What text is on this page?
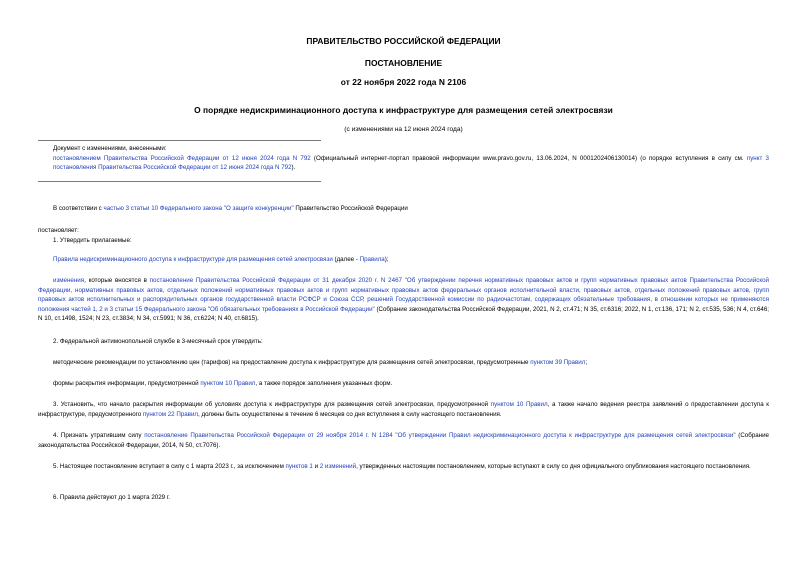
ПРАВИТЕЛЬСТВО РОССИЙСКОЙ ФЕДЕРАЦИИ
ПОСТАНОВЛЕНИЕ
от 22 ноября 2022 года N 2106
О порядке недискриминационного доступа к инфраструктуре для размещения сетей электросвязи
(с изменениями на 12 июня 2024 года)
Документ с изменениями, внесенными:
постановлением Правительства Российской Федерации от 12 июня 2024 года N 792 (Официальный интернет-портал правовой информации www.pravo.gov.ru, 13.06.2024, N 0001202406130014) (о порядке вступления в силу см. пункт 3 постановления Правительства Российской Федерации от 12 июня 2024 года N 792).
В соответствии с частью 3 статьи 10 Федерального закона "О защите конкуренции" Правительство Российской Федерации
постановляет:
1. Утвердить прилагаемые:
Правила недискриминационного доступа к инфраструктуре для размещения сетей электросвязи (далее - Правила);
изменения, которые вносятся в постановление Правительства Российской Федерации от 31 декабря 2020 г. N 2467 "Об утверждении перечня нормативных правовых актов и групп нормативных правовых актов Правительства Российской Федерации, нормативных правовых актов, отдельных положений нормативных правовых актов и групп нормативных правовых актов федеральных органов исполнительной власти, правовых актов, отдельных положений правовых актов, групп правовых актов исполнительных и распорядительных органов государственной власти РСФСР и Союза ССР, решений Государственной комиссии по радиочастотам, содержащих обязательные требования, в отношении которых не применяются положения частей 1, 2 и 3 статьи 15 Федерального закона "Об обязательных требованиях в Российской Федерации" (Собрание законодательства Российской Федерации, 2021, N 2, ст.471; N 35, ст.6316; 2022, N 1, ст.136, 171; N 2, ст.535, 536; N 4, ст.646; N 10, ст.1498, 1524; N 23, ст.3834; N 34, ст.5991; N 36, ст.6224; N 40, ст.6815).
2. Федеральной антимонопольной службе в 3-месячный срок утвердить:
методические рекомендации по установлению цен (тарифов) на предоставление доступа к инфраструктуре для размещения сетей электросвязи, предусмотренные пунктом 39 Правил;
формы раскрытия информации, предусмотренной пунктом 10 Правил, а также порядок заполнения указанных форм.
3. Установить, что начало раскрытия информации об условиях доступа к инфраструктуре для размещения сетей электросвязи, предусмотренной пунктом 10 Правил, а также начало ведения реестра заявлений о предоставлении доступа к инфраструктуре, предусмотренного пунктом 22 Правил, должны быть осуществлены в течение 6 месяцев со дня вступления в силу настоящего постановления.
4. Признать утратившим силу постановление Правительства Российской Федерации от 29 ноября 2014 г. N 1284 "Об утверждении Правил недискриминационного доступа к инфраструктуре для размещения сетей электросвязи" (Собрание законодательства Российской Федерации, 2014, N 50, ст.7076).
5. Настоящее постановление вступает в силу с 1 марта 2023 г., за исключением пунктов 1 и 2 изменений, утвержденных настоящим постановлением, которые вступают в силу со дня официального опубликования настоящего постановления.
6. Правила действуют до 1 марта 2029 г.
